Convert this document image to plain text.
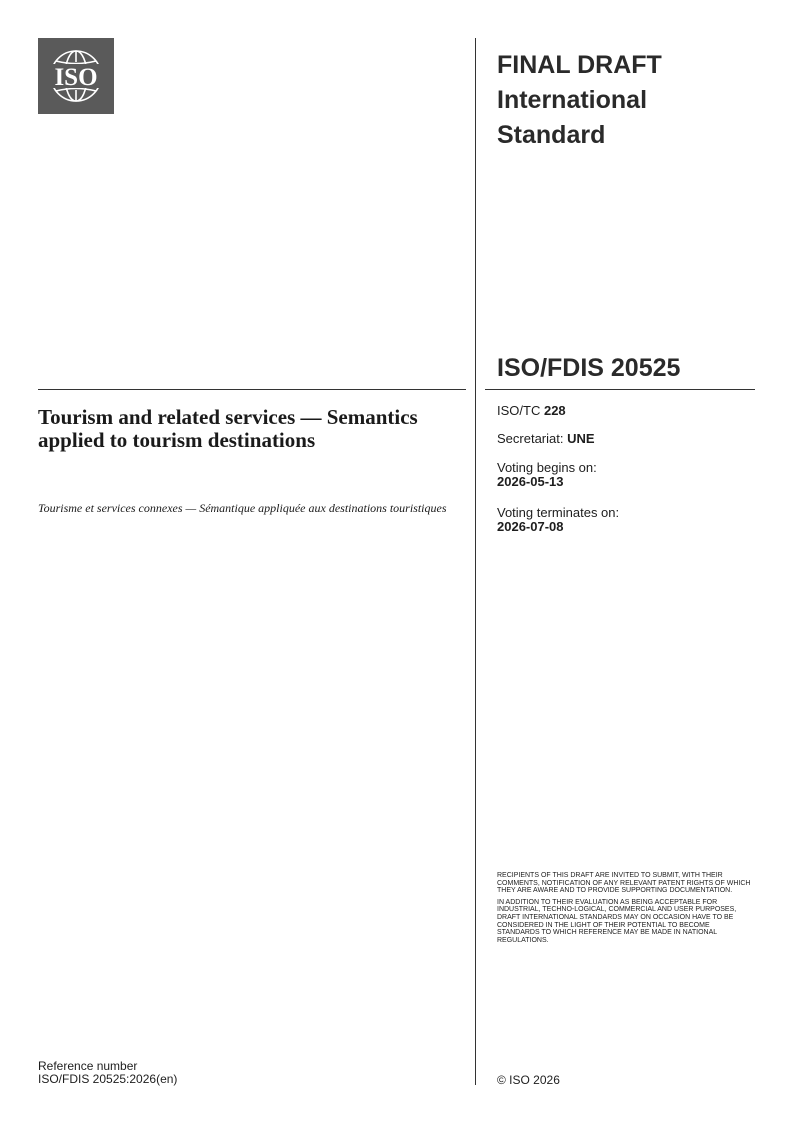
ISO	FINAL DRAFT
International
Standard
ISO/FDIS 20525
Tourism and related services — Semantics applied to tourism destinations
Tourisme et services connexes — Sémantique appliquée aux destinations touristiques
ISO/TC 228
Secretariat: UNE
Voting begins on:
2026-05-13
Voting terminates on:
2026-07-08

RECIPIENTS OF THIS DRAFT ARE INVITED TO SUBMIT, WITH THEIR COMMENTS, NOTIFICATION OF ANY RELEVANT PATENT RIGHTS OF WHICH THEY ARE AWARE AND TO PROVIDE SUPPORTING DOCUMENTATION.

IN ADDITION TO THEIR EVALUATION AS BEING ACCEPTABLE FOR INDUSTRIAL, TECHNO-LOGICAL, COMMERCIAL AND USER PURPOSES, DRAFT INTERNATIONAL STANDARDS MAY ON OCCASION HAVE TO BE CONSIDERED IN THE LIGHT OF THEIR POTENTIAL TO BECOME STANDARDS TO WHICH REFERENCE MAY BE MADE IN NATIONAL REGULATIONS.

Reference number
ISO/FDIS 20525:2026(en)	© ISO 2026
